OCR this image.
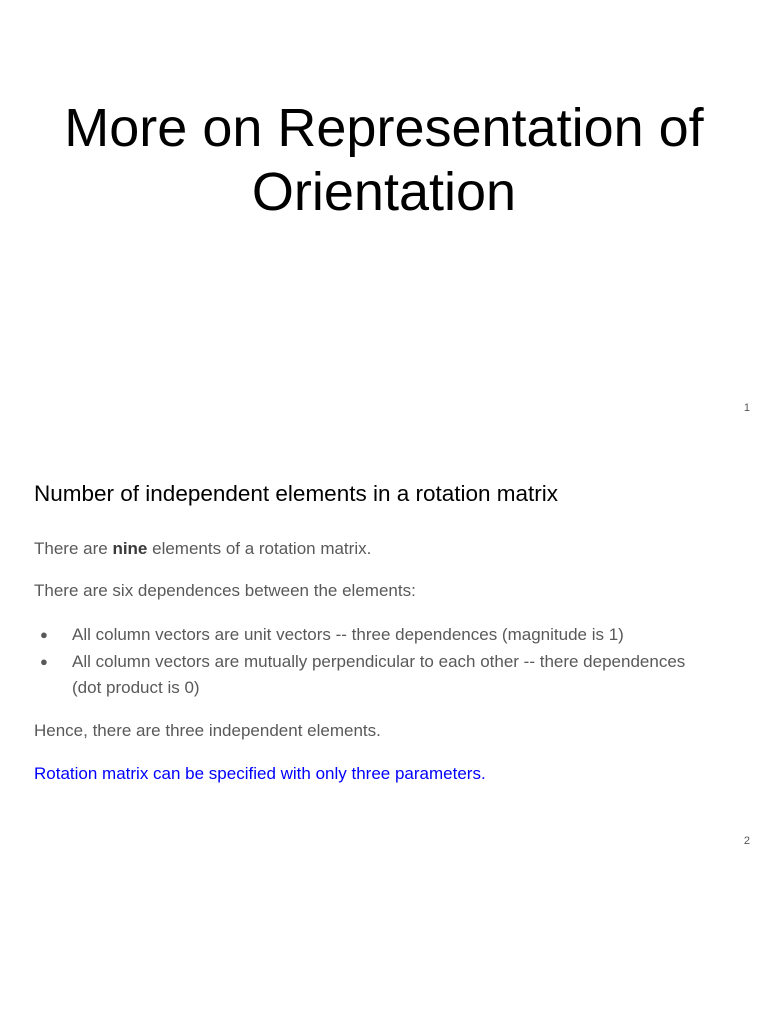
More on Representation of
Orientation
1
Number of independent elements in a rotation matrix
There are nine elements of a rotation matrix.
There are six dependences between the elements:
● All column vectors are unit vectors -- three dependences (magnitude is 1)
● All column vectors are mutually perpendicular to each other -- there dependences (dot product is 0)
Hence, there are three independent elements.
Rotation matrix can be specified with only three parameters.
2
